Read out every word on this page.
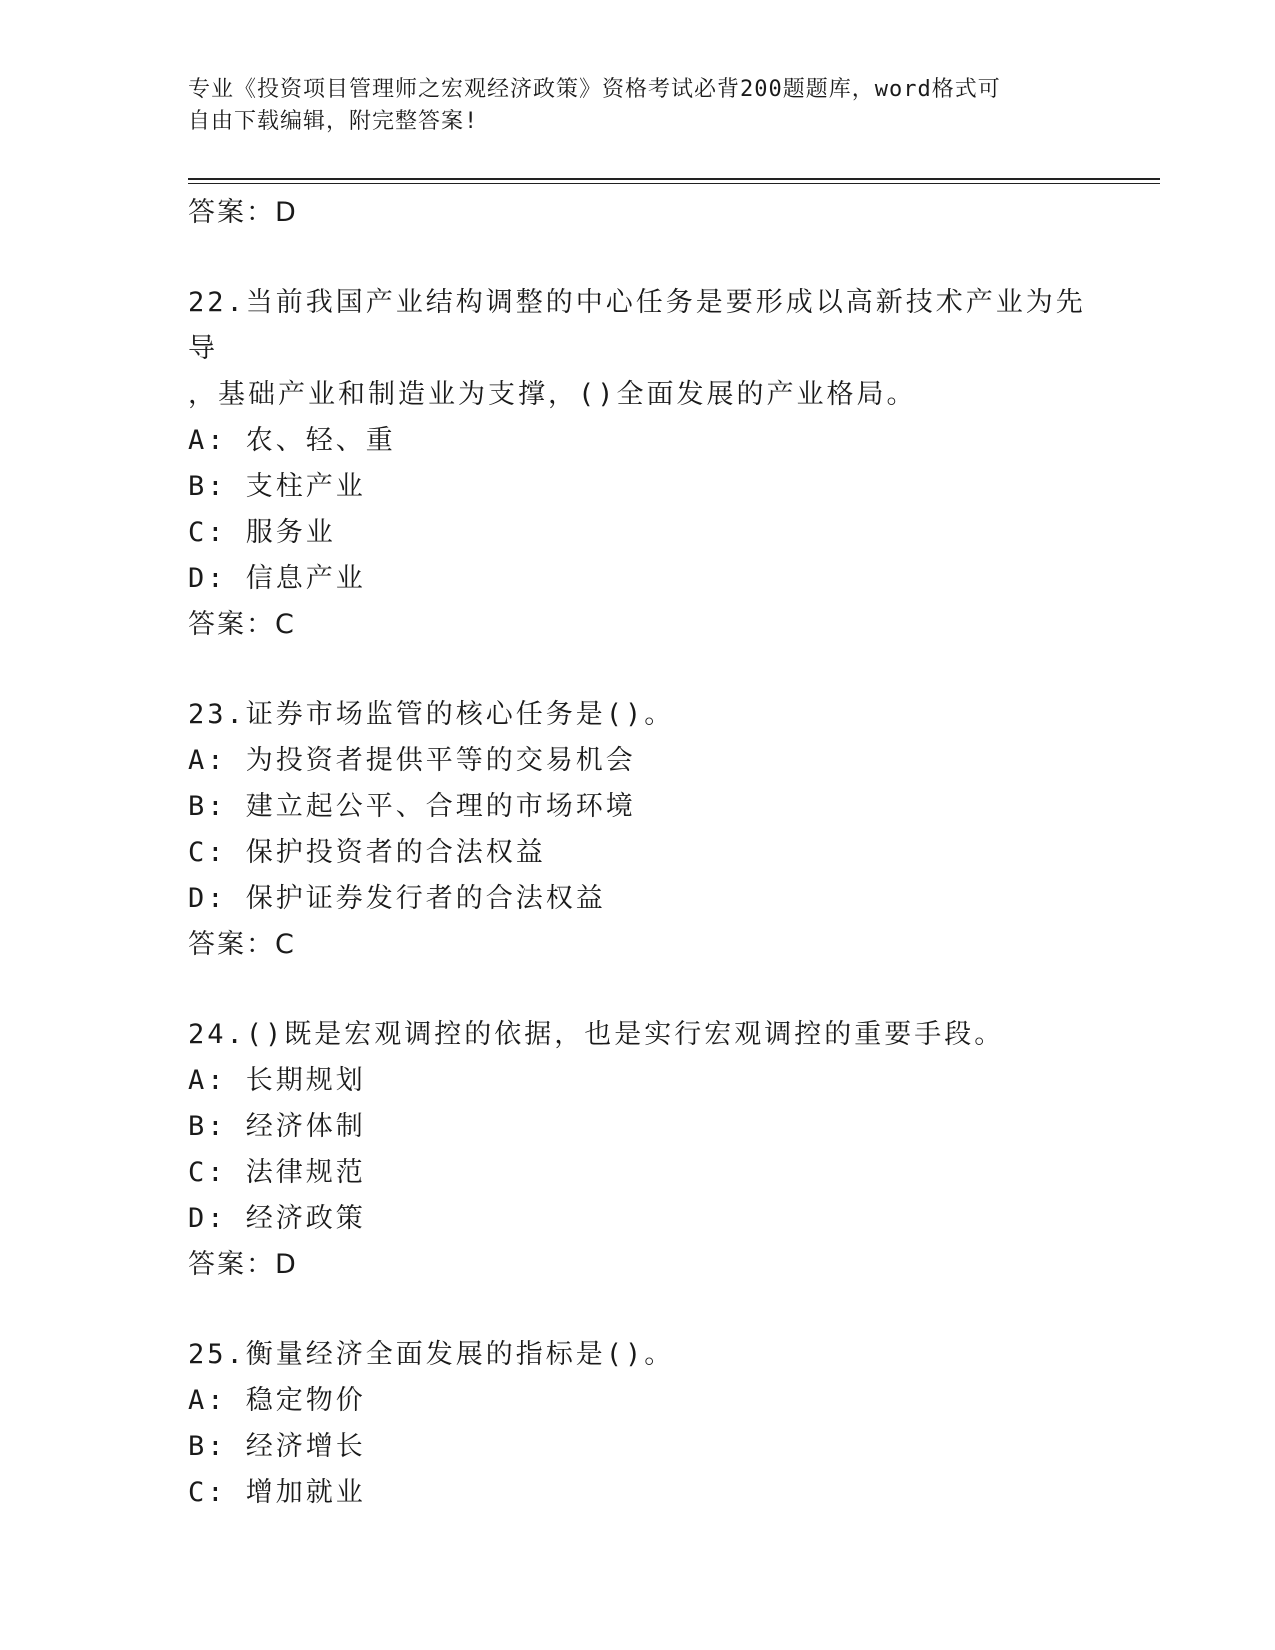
专业《投资项目管理师之宏观经济政策》资格考试必背200题题库，word格式可
自由下载编辑，附完整答案!

答案：D

22.当前我国产业结构调整的中心任务是要形成以高新技术产业为先导

，基础产业和制造业为支撑，()全面发展的产业格局。

A: 农、轻、重

B: 支柱产业

C: 服务业

D: 信息产业

答案：C

23.证券市场监管的核心任务是()。

A: 为投资者提供平等的交易机会

B: 建立起公平、合理的市场环境

C: 保护投资者的合法权益

D: 保护证券发行者的合法权益

答案：C

24.()既是宏观调控的依据，也是实行宏观调控的重要手段。

A: 长期规划

B: 经济体制

C: 法律规范

D: 经济政策

答案：D

25.衡量经济全面发展的指标是()。

A: 稳定物价

B: 经济增长

C: 增加就业
